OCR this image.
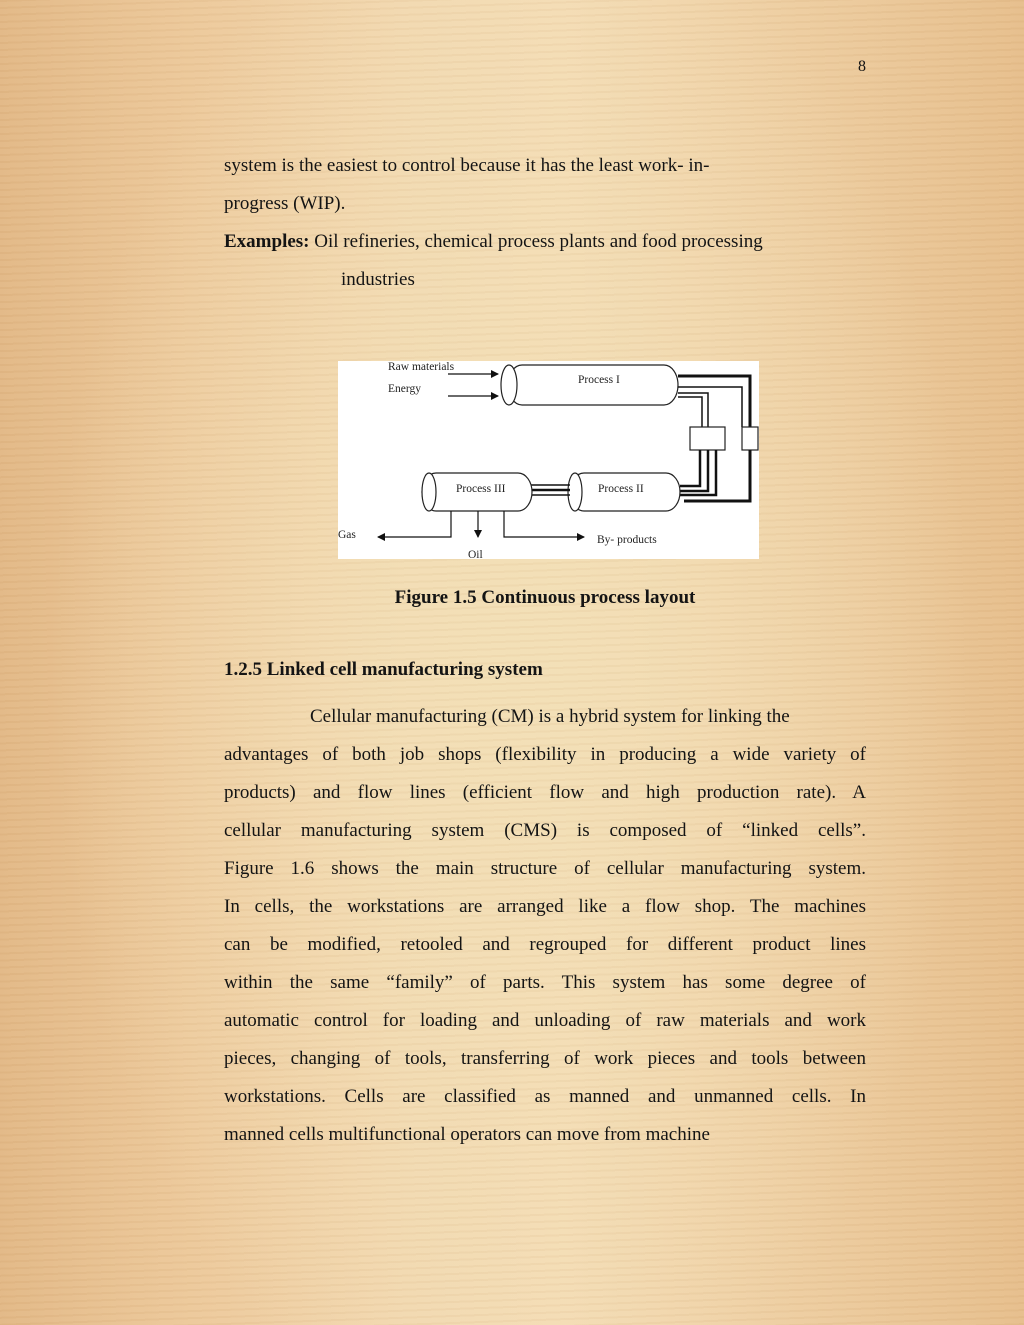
8
system is the easiest to control because it has the least work- in-
progress (WIP).
Examples: Oil refineries, chemical process plants and food processing
industries
Raw materials
Energy
Process I
Process II
Process III
Gas
Oil
By- products
Figure 1.5 Continuous process layout
1.2.5 Linked cell manufacturing system
Cellular manufacturing (CM) is a hybrid system for linking the
advantages of both job shops (flexibility in producing a wide variety of
products) and flow lines (efficient flow and high production rate). A
cellular manufacturing system (CMS) is composed of “linked cells”.
Figure 1.6 shows the main structure of cellular manufacturing system.
In cells, the workstations are arranged like a flow shop. The machines
can be modified, retooled and regrouped for different product lines
within the same “family” of parts. This system has some degree of
automatic control for loading and unloading of raw materials and work
pieces, changing of tools, transferring of work pieces and tools between
workstations. Cells are classified as manned and unmanned cells. In
manned cells multifunctional operators can move from machine
